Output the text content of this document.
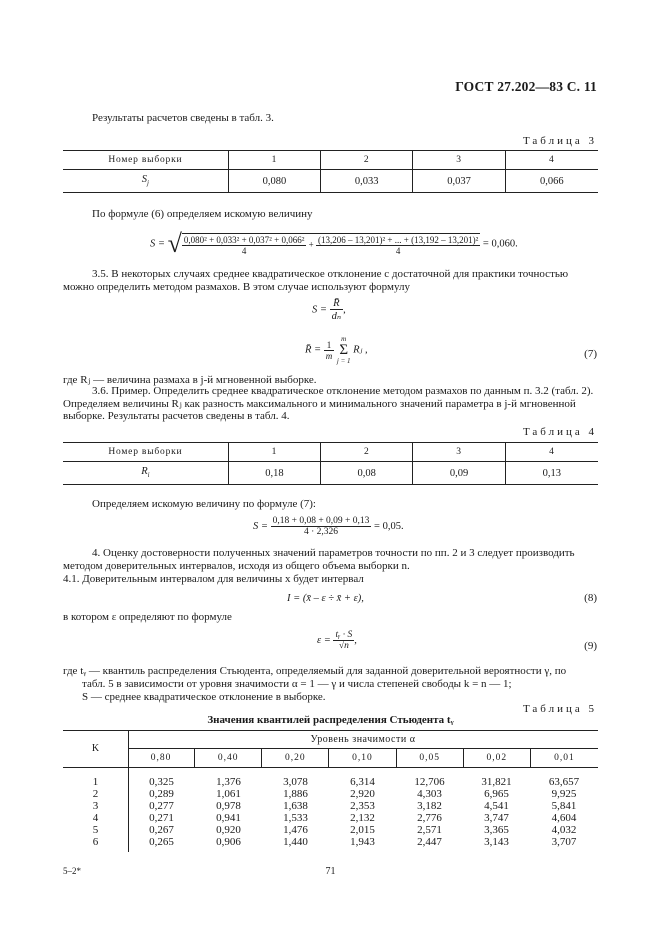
ГОСТ 27.202—83 С. 11
Результаты расчетов сведены в табл. 3.
Таблица 3
Номер выборки	1	2	3	4
$S_j$	0,080	0,033	0,037	0,066
По формуле (6) определяем искомую величину
S = √ $\frac{\text{0,080² + 0,033² + 0,037² + 0,066²}}{4} + \frac{\text{(13,206 – 13,201)² + ... + (13,192 – 13,201)²}}{4} = 0,060$.
3.5. В некоторых случаях среднее квадратическое отклонение с достаточной для практики точностью
можно определить методом размахов. В этом случае используют формулу
$S = \frac{R̄}{\text{dₙ}}$ ,
R̄ = $\frac{1}{m}$

m
Σ
j = 1
Rⱼ ,	(7)
где Rⱼ — величина размаха в j-й мгновенной выборке.
3.6. Пример. Определить среднее квадратическое отклонение методом размахов по данным п. 3.2 (табл. 2).
Определяем величины Rⱼ как разность максимального и минимального значений параметра в j-й мгновенной
выборке. Результаты расчетов сведены в табл. 4.
Таблица 4
Номер выборки	1	2	3	4
$R_i$	0,18	0,08	0,09	0,13
Определяем искомую величину по формуле (7):
$S = \frac{0,18 + 0,08 + 0,09 + 0,13}{4 \cdot 2,326} = 0,05$.
4. Оценку достоверности полученных значений параметров точности по пп. 2 и 3 следует производить
методом доверительных интервалов, исходя из общего объема выборки n.
4.1. Доверительным интервалом для величины x будет интервал
I = (x̄ – ε ÷ x̄ + ε),	(8)
в котором ε определяют по формуле
$\varepsilon = \frac{\text{tᵧ · S}}{√n}$ ,	(9)
где tᵧ — квантиль распределения Стьюдента, определяемый для заданной доверительной вероятности γ, по
табл. 5 в зависимости от уровня значимости α = 1 — γ и числа степеней свободы k = n — 1;
S — среднее квадратическое отклонение в выборке.
Таблица 5
Значения квантилей распределения Стьюдента tᵧ
K
Уровень значимости α
0,80	0,40	0,20	0,10	0,05	0,02	0,01
1	0,325	1,376	3,078	6,314	12,706	31,821	63,657
2	0,289	1,061	1,886	2,920	4,303	6,965	9,925
3	0,277	0,978	1,638	2,353	3,182	4,541	5,841
4	0,271	0,941	1,533	2,132	2,776	3,747	4,604
5	0,267	0,920	1,476	2,015	2,571	3,365	4,032
6	0,265	0,906	1,440	1,943	2,447	3,143	3,707
5–2*	71
